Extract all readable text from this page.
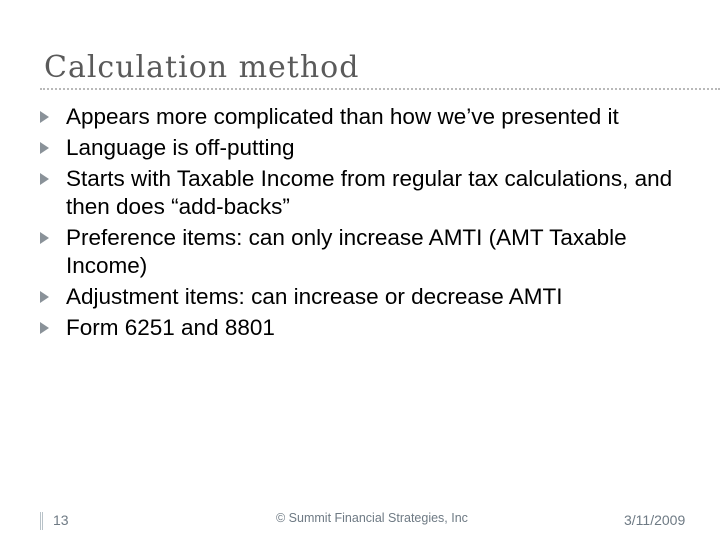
Calculation method
Appears more complicated than how we’ve presented it
Language is off-putting
Starts with Taxable Income from regular tax calculations, and then does “add-backs”
Preference items: can only increase AMTI (AMT Taxable Income)
Adjustment items: can increase or decrease AMTI
Form 6251 and 8801
13	© Summit Financial Strategies, Inc	3/11/2009
